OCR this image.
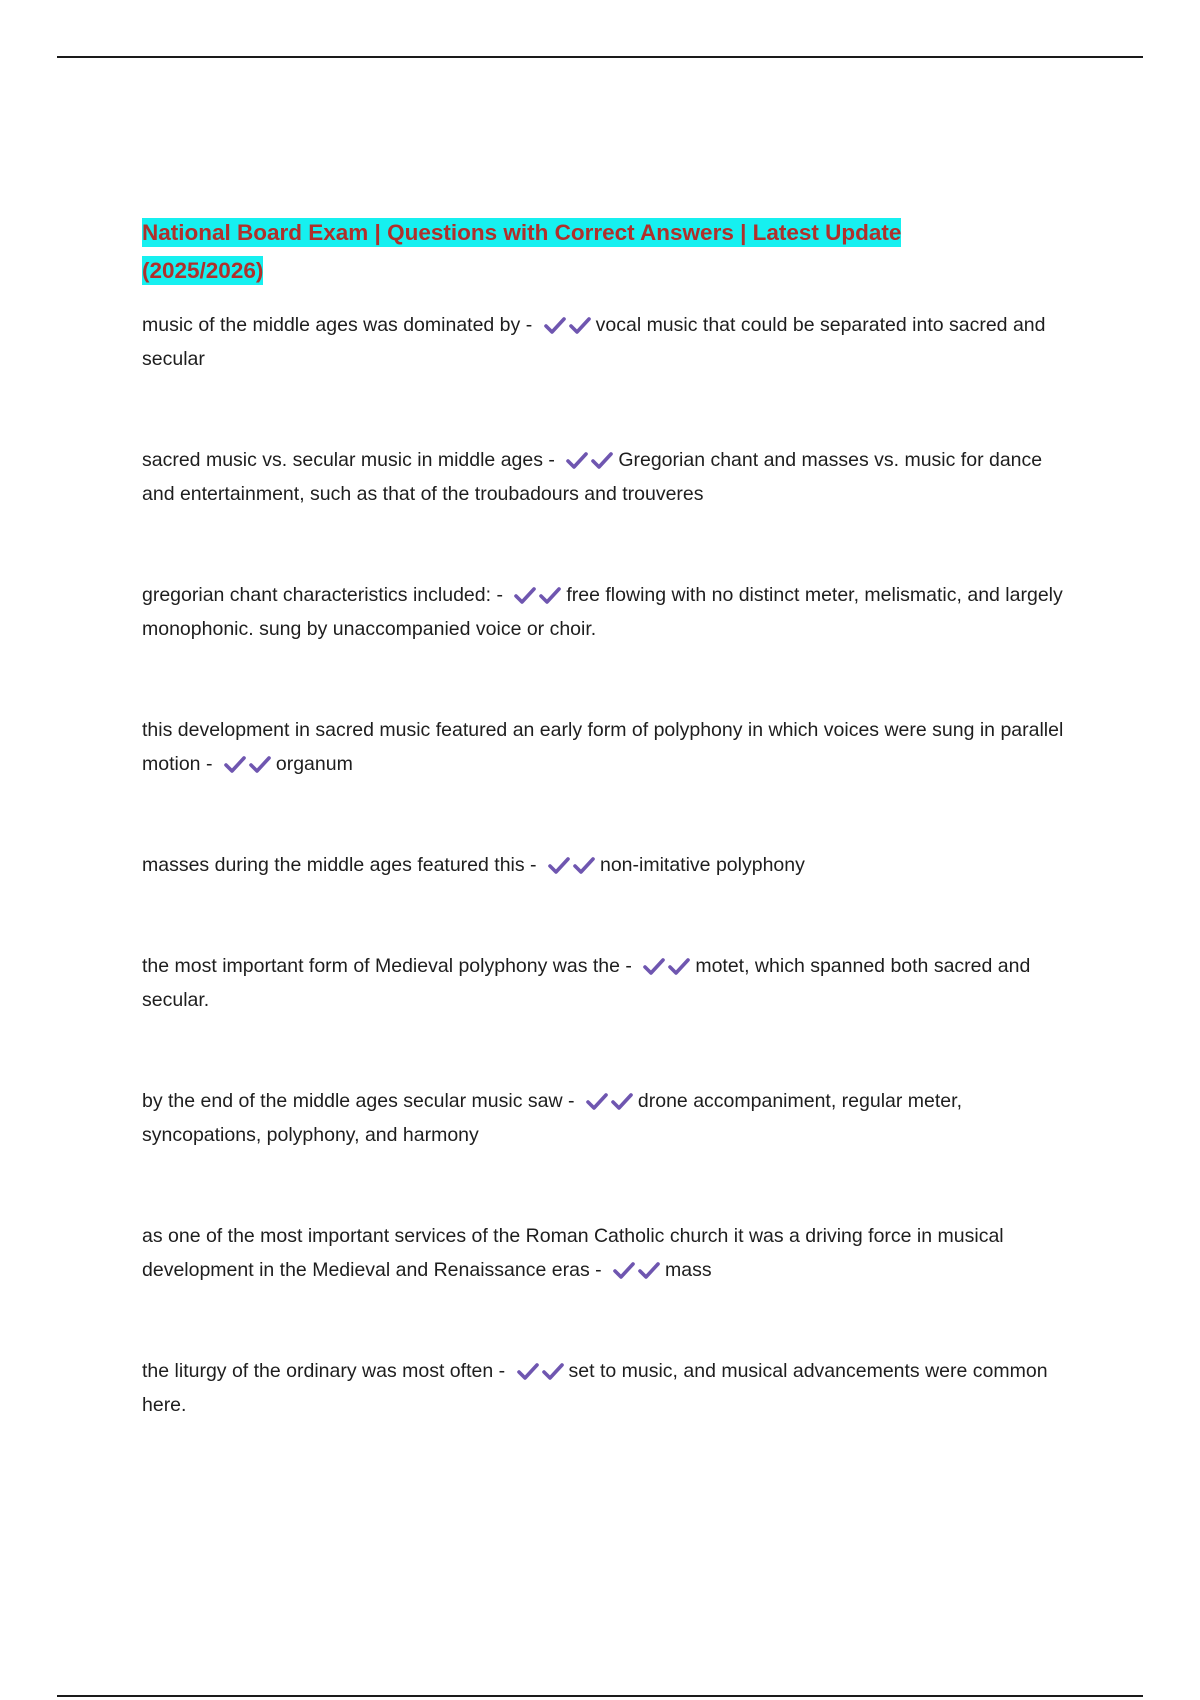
National Board Exam | Questions with Correct Answers | Latest Update
(2025/2026)

music of the middle ages was dominated by -	vocal music that could be separated into sacred and secular

sacred music vs. secular music in middle ages -	Gregorian chant and masses vs. music for dance and entertainment, such as that of the troubadours and trouveres

gregorian chant characteristics included: -	free flowing with no distinct meter, melismatic, and largely monophonic. sung by unaccompanied voice or choir.

this development in sacred music featured an early form of polyphony in which voices were sung in parallel motion -	organum

masses during the middle ages featured this -	non-imitative polyphony

the most important form of Medieval polyphony was the -	motet, which spanned both sacred and secular.

by the end of the middle ages secular music saw -	drone accompaniment, regular meter, syncopations, polyphony, and harmony

as one of the most important services of the Roman Catholic church it was a driving force in musical development in the Medieval and Renaissance eras -	mass

the liturgy of the ordinary was most often -	set to music, and musical advancements were common here.
